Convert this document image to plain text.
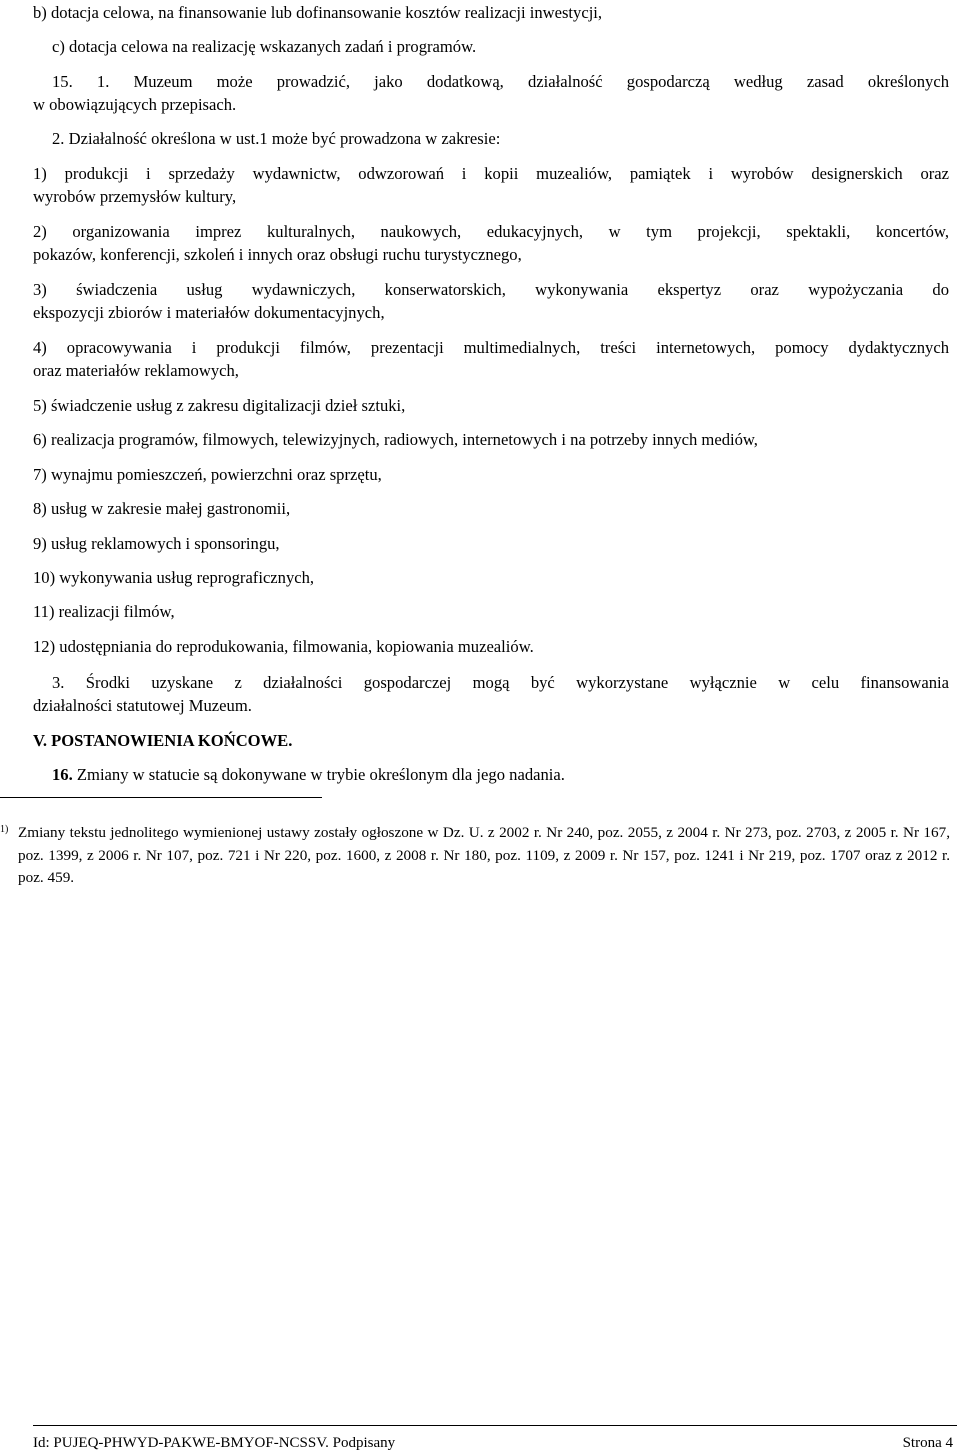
b) dotacja celowa, na finansowanie lub dofinansowanie kosztów realizacji inwestycji,
c) dotacja celowa na realizację wskazanych zadań i programów.
15. 1. Muzeum może prowadzić, jako dodatkową, działalność gospodarczą według zasad określonych
w obowiązujących przepisach.
2. Działalność określona w ust.1 może być prowadzona w zakresie:
1) produkcji i sprzedaży wydawnictw, odwzorowań i kopii muzealiów, pamiątek i wyrobów designerskich oraz
wyrobów przemysłów kultury,
2) organizowania imprez kulturalnych, naukowych, edukacyjnych, w tym projekcji, spektakli, koncertów,
pokazów, konferencji, szkoleń i innych oraz obsługi ruchu turystycznego,
3) świadczenia usług wydawniczych, konserwatorskich, wykonywania ekspertyz oraz wypożyczania do
ekspozycji zbiorów i materiałów dokumentacyjnych,
4) opracowywania i produkcji filmów, prezentacji multimedialnych, treści internetowych, pomocy dydaktycznych
oraz materiałów reklamowych,
5) świadczenie usług z zakresu digitalizacji dzieł sztuki,
6) realizacja programów, filmowych, telewizyjnych, radiowych, internetowych i na potrzeby innych mediów,
7) wynajmu pomieszczeń, powierzchni oraz sprzętu,
8) usług w zakresie małej gastronomii,
9) usług reklamowych i sponsoringu,
10) wykonywania usług reprograficznych,
11) realizacji filmów,
12) udostępniania do reprodukowania, filmowania, kopiowania muzealiów.
3. Środki uzyskane z działalności gospodarczej mogą być wykorzystane wyłącznie w celu finansowania
działalności statutowej Muzeum.
V. POSTANOWIENIA KOŃCOWE.
16. Zmiany w statucie są dokonywane w trybie określonym dla jego nadania.
1) Zmiany tekstu jednolitego wymienionej ustawy zostały ogłoszone w Dz. U. z 2002 r. Nr 240, poz. 2055, z 2004 r. Nr 273, poz. 2703, z 2005 r. Nr 167, poz. 1399, z 2006 r. Nr 107, poz. 721 i Nr 220, poz. 1600, z 2008 r. Nr 180, poz. 1109, z 2009 r. Nr 157, poz. 1241 i Nr 219, poz. 1707 oraz z 2012 r. poz. 459.
Id: PUJEQ-PHWYD-PAKWE-BMYOF-NCSSV. Podpisany	Strona 4
